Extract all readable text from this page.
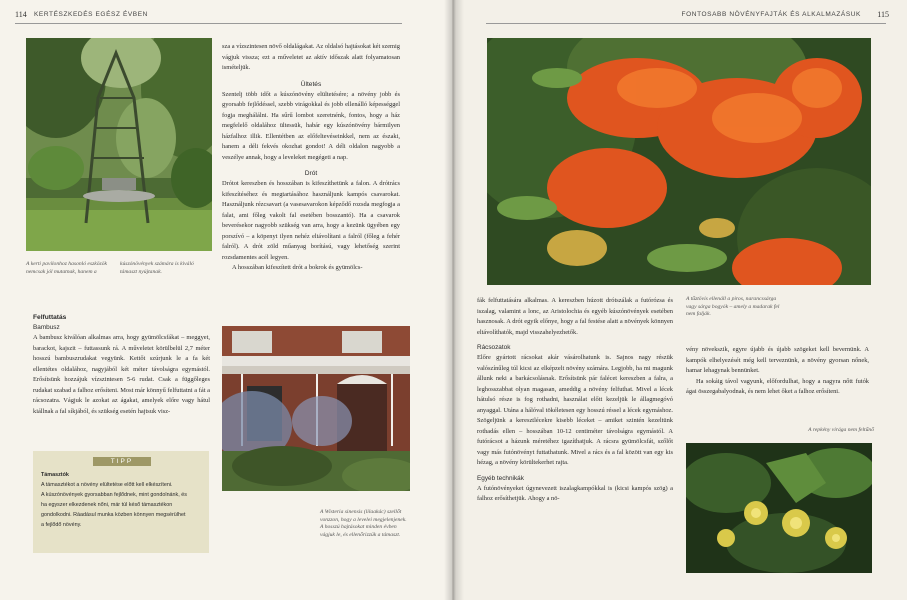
114 KERTÉSZKEDÉS EGÉSZ ÉVBEN
A kerti pavilonhoz hasonló eszközök nemcsak jól mutatnak, hanem a kúszónövények számára is kiváló támaszt nyújtanak.

Felfuttatás

Bambusz

A bambusz kiválóan alkalmas arra, hogy gyümölcsfákat – meggyet, barackot, kajszit – futtassunk rá. A műveletet körülbelül 2,7 méter hosszú bambuszrudakat vegyünk. Kettőt szúrjunk le a fa két ellentétes oldalához, nagyjából két méter távolságra egymástól. Erősítsünk hozzájuk vízszintesen 5-6 rudat. Csak a függőleges rudakat szabad a falhoz erősíteni. Most már könnyű felfuttatni a fát a rácsozatra. Vágjuk le azokat az ágakat, amelyek előre vagy hátul kiállnak a fal síkjából, és szükség esetén hajtsuk visz-

TIPP

Támasztók

A támasztékot a növény elültetése előtt kell elkészíteni.

A kúszónövények gyorsabban fejlődnek, mint gondolnánk, és

ha egyszer elkezdenek nőni, már túl késő támasztékon

gondolkodni. Ráadásul munka közben könnyen megsérülhet

a fejlődő növény.

sza a vízszintesen növő oldalágakat. Az oldalsó hajtásokat két szemig vágjuk vissza; ezt a műveletet az aktív időszak alatt folyamatosan ismételjük.

Ültetés

Szentelj több időt a kúszónövény elültetésére; a növény jobb és gyorsabb fejlődéssel, szebb virágokkal és jobb ellenálló képességgel fogja meghálálni. Ha sűrű lombot szeretnénk, fontos, hogy a ház megfelelő oldalához ültessük, habár egy kúszónövény bármilyen házfalhoz illik. Ellentétben az előfeltevéseinkkel, nem az északi, hanem a déli fekvés okozhat gondot! A déli oldalon nagyobb a veszélye annak, hogy a leveleket megégeti a nap.

Drót

Drótot kereszben és hosszában is kifeszíthetünk a falon. A drótrács kifeszítéséhez és megtartásához használjunk kampós csavarokat. Használjunk rézcsavart (a vasesavarokon képződő rozsda megfogja a falat, ami főleg vakolt fal esetében bosszantó). Ha a csavarok beverésekor nagyobb szükség van arra, hogy a kezünk ügyében egy porszívó – a köpenyt ilyen nehéz eltávolítani a falról (főleg a fehér falról). A drót zöld műanyag borítású, vagy lehetőség szerint rozsdamentes acél legyen.

A hosszában kifeszített drót a bokrok és gyümölcs-

A Wisteria sinensis (lilaakác) szellőt vonzzon, hogy a levelei megjelenjenek. A hosszú hajtásokat minden évben vágjuk le, és ellenőrizzük a támaszt.
FONTOSABB NÖVÉNYFAJTÁK ÉS ALKALMAZÁSUK 115
A tűztövis ellenáll a piros, narancssárga vagy sárga bogyók – amely a madarak fel nem falják.

fák felfuttatására alkalmas. A kereszben húzott drótszálak a futórózsa és iszalag, valamint a lonc, az Aristolochia és egyéb kúszónövények esetében hasznosak. A drót egyik előnye, hogy a fal festése alatt a növények könnyen eltávolíthatók, majd visszahelyezhetők.

Rácsozatok

Előre gyártott rácsokat akár vásárolhatunk is. Sajnos nagy részük valószínűleg túl kicsi az elképzelt növény számára. Legjobb, ha mi magunk állunk neki a barkácsolásnak. Erősítsünk pár falécet kereszben a falra, a leghosszabbat olyan magasan, ameddig a növény felfuthat. Mivel a lécek hátulsó része is fog rothadni, használat előtt kezeljük le állagmegóvó anyaggal. Utána a hálóval tökéletesen egy hosszú réssel a lécek egymáshoz. Szögeljünk a keresztlécekre kisebb léceket – amiket szintén kezeltünk rothadás ellen – hosszában 10-12 centiméter távolságra egymástól. A futórácsot a házunk méretéhez igazíthatjuk. A rácsra gyümölcsfát, szőlőt vagy más futónövényt futtathatunk. Mivel a rács és a fal között van egy kis hézag, a növény körültekerhet rajta.

Egyéb technikák

A futónövényeket úgynevezett iszalagkampókkal is (kicsi kampós szög) a falhoz erősíthetjük. Ahogy a nö-

vény növekszik, egyre újabb és újabb szögeket kell bevernünk. A kampók elhelyezését még kell terveznünk, a növény gyorsan nőnek, hamar lehagynak bennünket.

Ha sokáig távol vagyunk, előfordulhat, hogy a nagyra nőtt futók ágai összegabalyodnak, és nem lehet őket a falhoz erősíteni.

A repkény virága nem feltűnő
